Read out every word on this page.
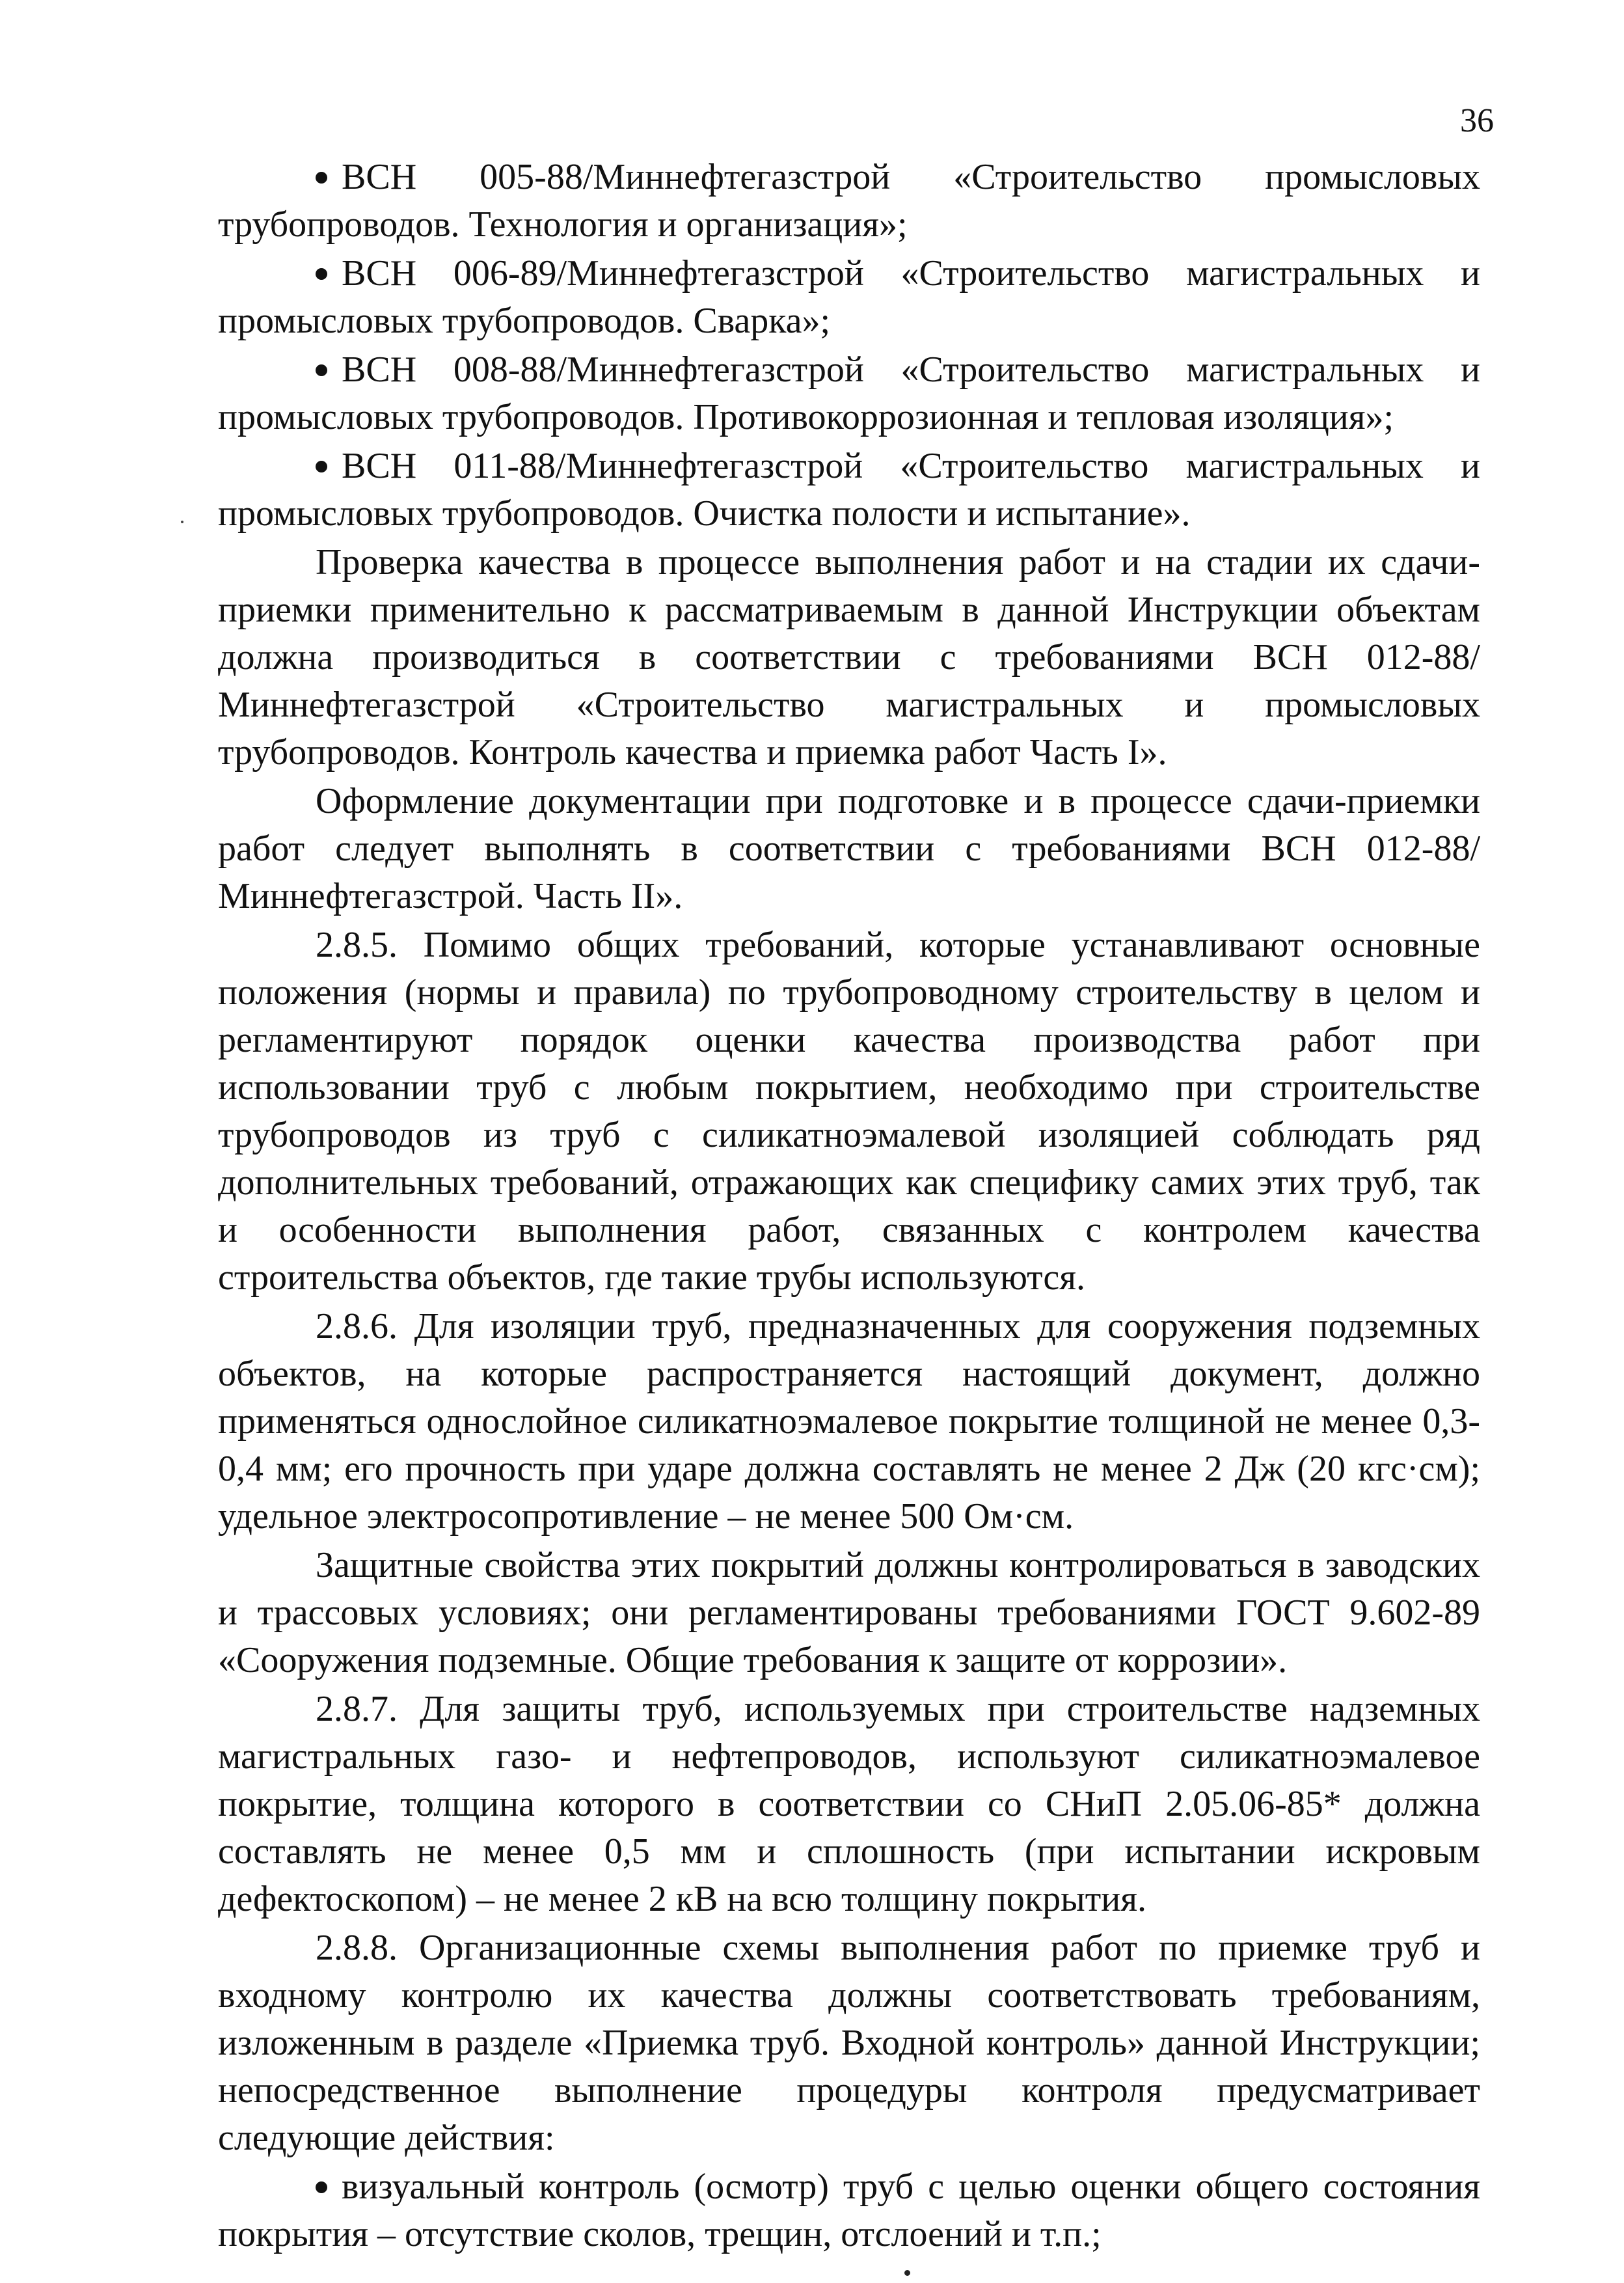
36

ВСН 005-88/Миннефтегазстрой «Строительство промысловых трубопроводов. Технология и организация»;

ВСН 006-89/Миннефтегазстрой «Строительство магистральных и промысловых трубопроводов. Сварка»;

ВСН 008-88/Миннефтегазстрой «Строительство магистральных и промысловых трубопроводов. Противокоррозионная и тепловая изоляция»;

ВСН 011-88/Миннефтегазстрой «Строительство магистральных и промысловых трубопроводов. Очистка полости и испытание».

Проверка качества в процессе выполнения работ и на стадии их сдачи-приемки применительно к рассматриваемым в данной Инструкции объектам должна производиться в соответствии с требованиями ВСН 012-88/Миннефтегазстрой «Строительство магистральных и промысловых трубопроводов. Контроль качества и приемка работ Часть I».

Оформление документации при подготовке и в процессе сдачи-приемки работ следует выполнять в соответствии с требованиями ВСН 012-88/Миннефтегазстрой. Часть II».

2.8.5. Помимо общих требований, которые устанавливают основные положения (нормы и правила) по трубопроводному строительству в целом и регламентируют порядок оценки качества производства работ при использовании труб с любым покрытием, необходимо при строительстве трубопроводов из труб с силикатноэмалевой изоляцией соблюдать ряд дополнительных требований, отражающих как специфику самих этих труб, так и особенности выполнения работ, связанных с контролем качества строительства объектов, где такие трубы используются.

2.8.6. Для изоляции труб, предназначенных для сооружения подземных объектов, на которые распространяется настоящий документ, должно применяться однослойное силикатноэмалевое покрытие толщиной не менее 0,3-0,4 мм; его прочность при ударе должна составлять не менее 2 Дж (20 кгс·см); удельное электросопротивление – не менее 500 Ом·см.

Защитные свойства этих покрытий должны контролироваться в заводских и трассовых условиях; они регламентированы требованиями ГОСТ 9.602-89 «Сооружения подземные. Общие требования к защите от коррозии».

2.8.7. Для защиты труб, используемых при строительстве надземных магистральных газо- и нефтепроводов, используют силикатноэмалевое покрытие, толщина которого в соответствии со СНиП 2.05.06-85* должна составлять не менее 0,5 мм и сплошность (при испытании искровым дефектоскопом) – не менее 2 кВ на всю толщину покрытия.

2.8.8. Организационные схемы выполнения работ по приемке труб и входному контролю их качества должны соответствовать требованиям, изложенным в разделе «Приемка труб. Входной контроль» данной Инструкции; непосредственное выполнение процедуры контроля предусматривает следующие действия:

визуальный контроль (осмотр) труб с целью оценки общего состояния покрытия – отсутствие сколов, трещин, отслоений и т.п.;
